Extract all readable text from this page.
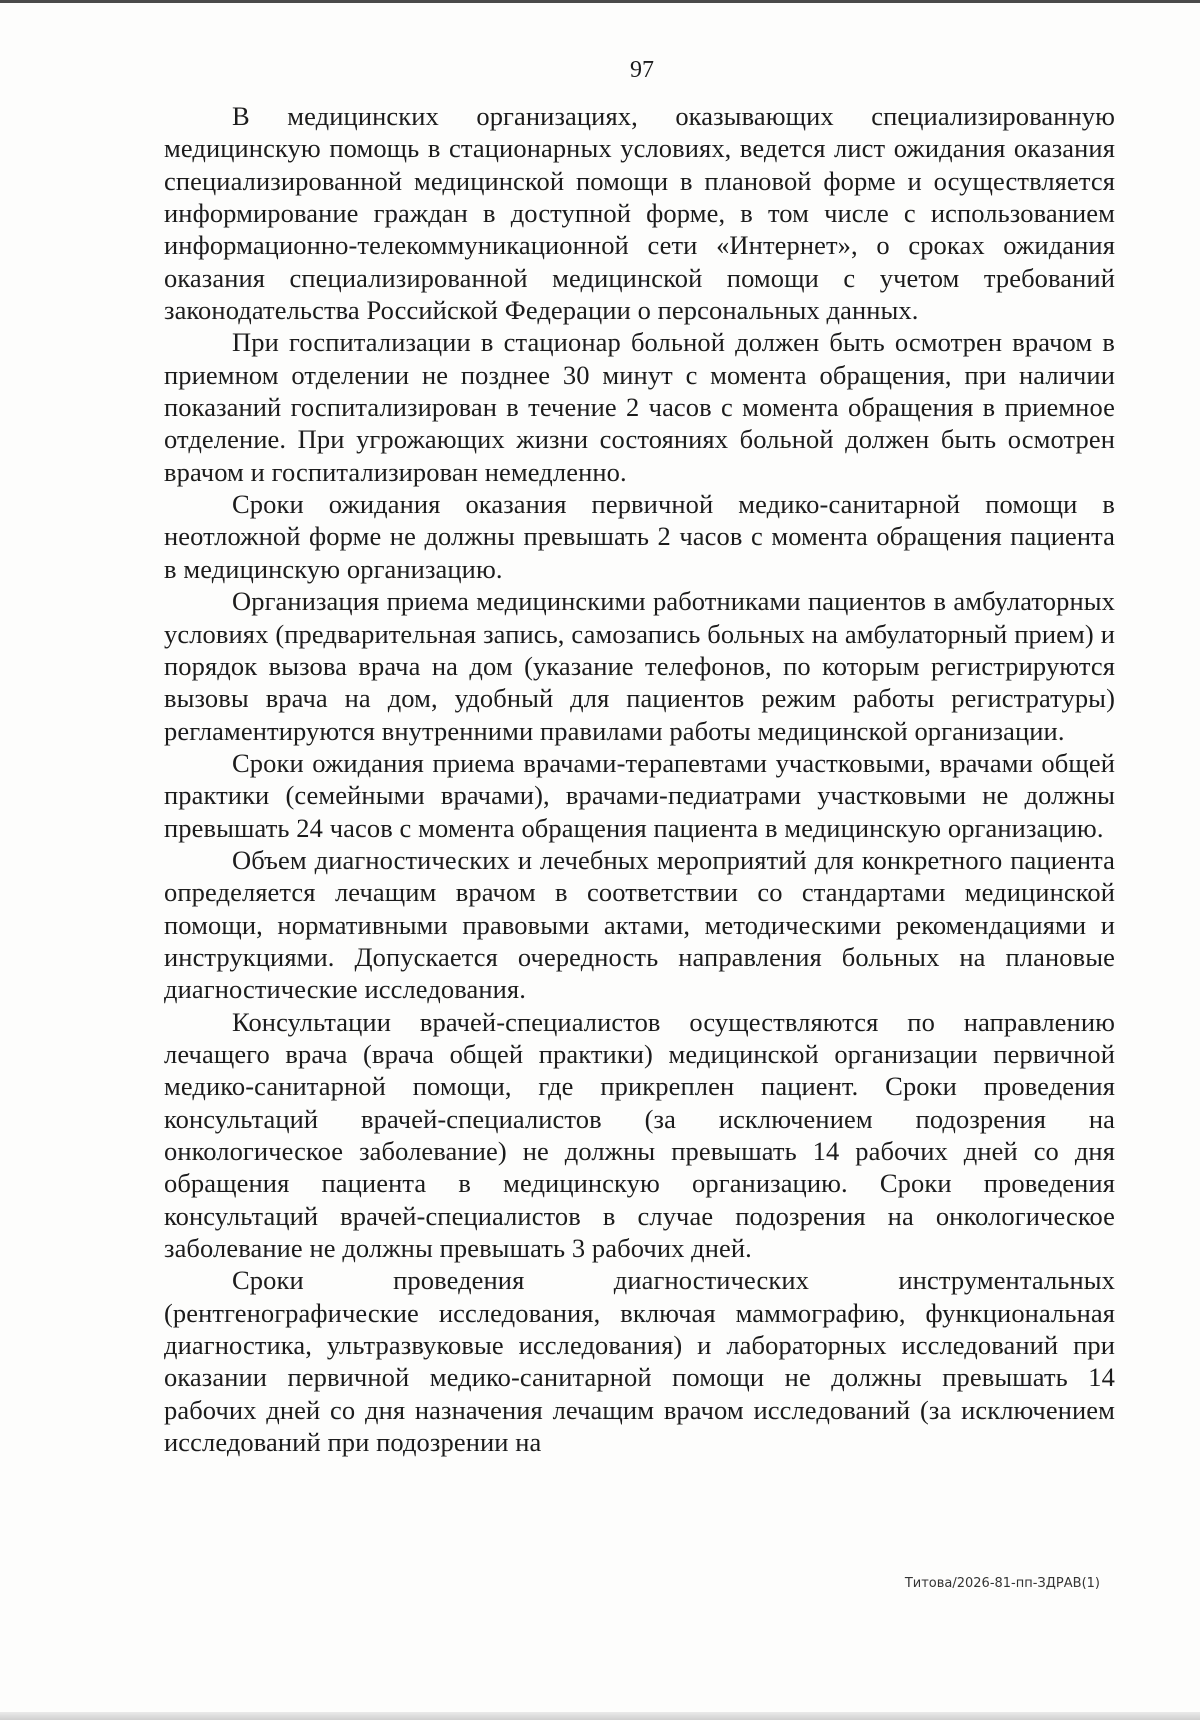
97

В медицинских организациях, оказывающих специализированную медицинскую помощь в стационарных условиях, ведется лист ожидания оказания специализированной медицинской помощи в плановой форме и осуществляется информирование граждан в доступной форме, в том числе с использованием информационно-телекоммуникационной сети «Интернет», о сроках ожидания оказания специализированной медицинской помощи с учетом требований законодательства Российской Федерации о персональных данных.

При госпитализации в стационар больной должен быть осмотрен врачом в приемном отделении не позднее 30 минут с момента обращения, при наличии показаний госпитализирован в течение 2 часов с момента обращения в приемное отделение. При угрожающих жизни состояниях больной должен быть осмотрен врачом и госпитализирован немедленно.

Сроки ожидания оказания первичной медико-санитарной помощи в неотложной форме не должны превышать 2 часов с момента обращения пациента в медицинскую организацию.

Организация приема медицинскими работниками пациентов в амбулаторных условиях (предварительная запись, самозапись больных на амбулаторный прием) и порядок вызова врача на дом (указание телефонов, по которым регистрируются вызовы врача на дом, удобный для пациентов режим работы регистратуры) регламентируются внутренними правилами работы медицинской организации.

Сроки ожидания приема врачами-терапевтами участковыми, врачами общей практики (семейными врачами), врачами-педиатрами участковыми не должны превышать 24 часов с момента обращения пациента в медицинскую организацию.

Объем диагностических и лечебных мероприятий для конкретного пациента определяется лечащим врачом в соответствии со стандартами медицинской помощи, нормативными правовыми актами, методическими рекомендациями и инструкциями. Допускается очередность направления больных на плановые диагностические исследования.

Консультации врачей-специалистов осуществляются по направлению лечащего врача (врача общей практики) медицинской организации первичной медико-санитарной помощи, где прикреплен пациент. Сроки проведения консультаций врачей-специалистов (за исключением подозрения на онкологическое заболевание) не должны превышать 14 рабочих дней со дня обращения пациента в медицинскую организацию. Сроки проведения консультаций врачей-специалистов в случае подозрения на онкологическое заболевание не должны превышать 3 рабочих дней.

Сроки проведения диагностических инструментальных (рентгенографические исследования, включая маммографию, функциональная диагностика, ультразвуковые исследования) и лабораторных исследований при оказании первичной медико-санитарной помощи не должны превышать 14 рабочих дней со дня назначения лечащим врачом исследований (за исключением исследований при подозрении на

Титова/2026-81-пп-ЗДРАВ(1)
